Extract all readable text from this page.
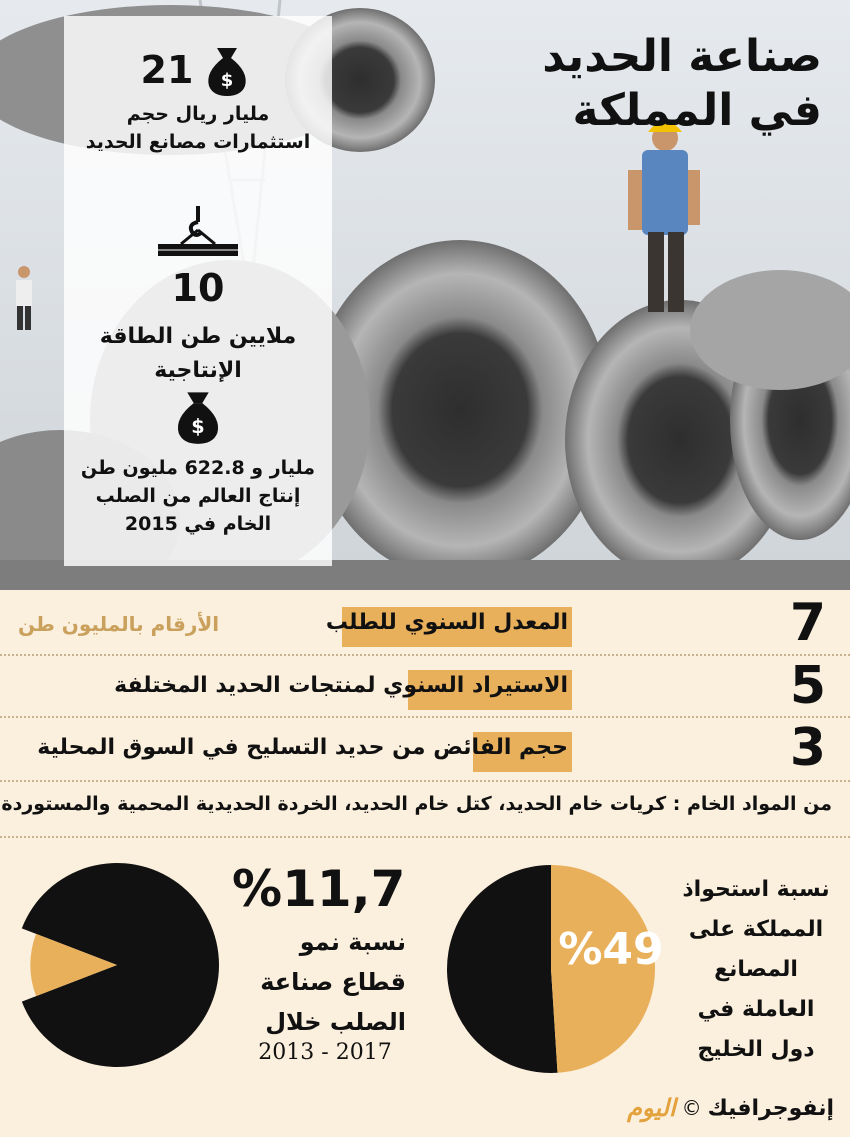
صناعة الحديد في المملكة
21 $
مليار ريال حجم استثمارات مصانع الحديد
10
ملايين طن الطاقة الإنتاجية
$
مليار و 622.8 مليون طن إنتاج العالم من الصلب الخام في 2015
الأرقام بالمليون طن	7
المعدل السنوي للطلب
5
الاستيراد السنوي لمنتجات الحديد المختلفة
3
حجم الفائض من حديد التسليح في السوق المحلية
من المواد الخام : كريات خام الحديد، كتل خام الحديد، الخردة الحديدية المحمية والمستوردة
%11,7
نسبة نمو قطاع صناعة الصلب خلال
2013 - 2017
%49
نسبة استحواذ المملكة على المصانع العاملة في دول الخليج
إنفوجرافيك
©
اليوم
